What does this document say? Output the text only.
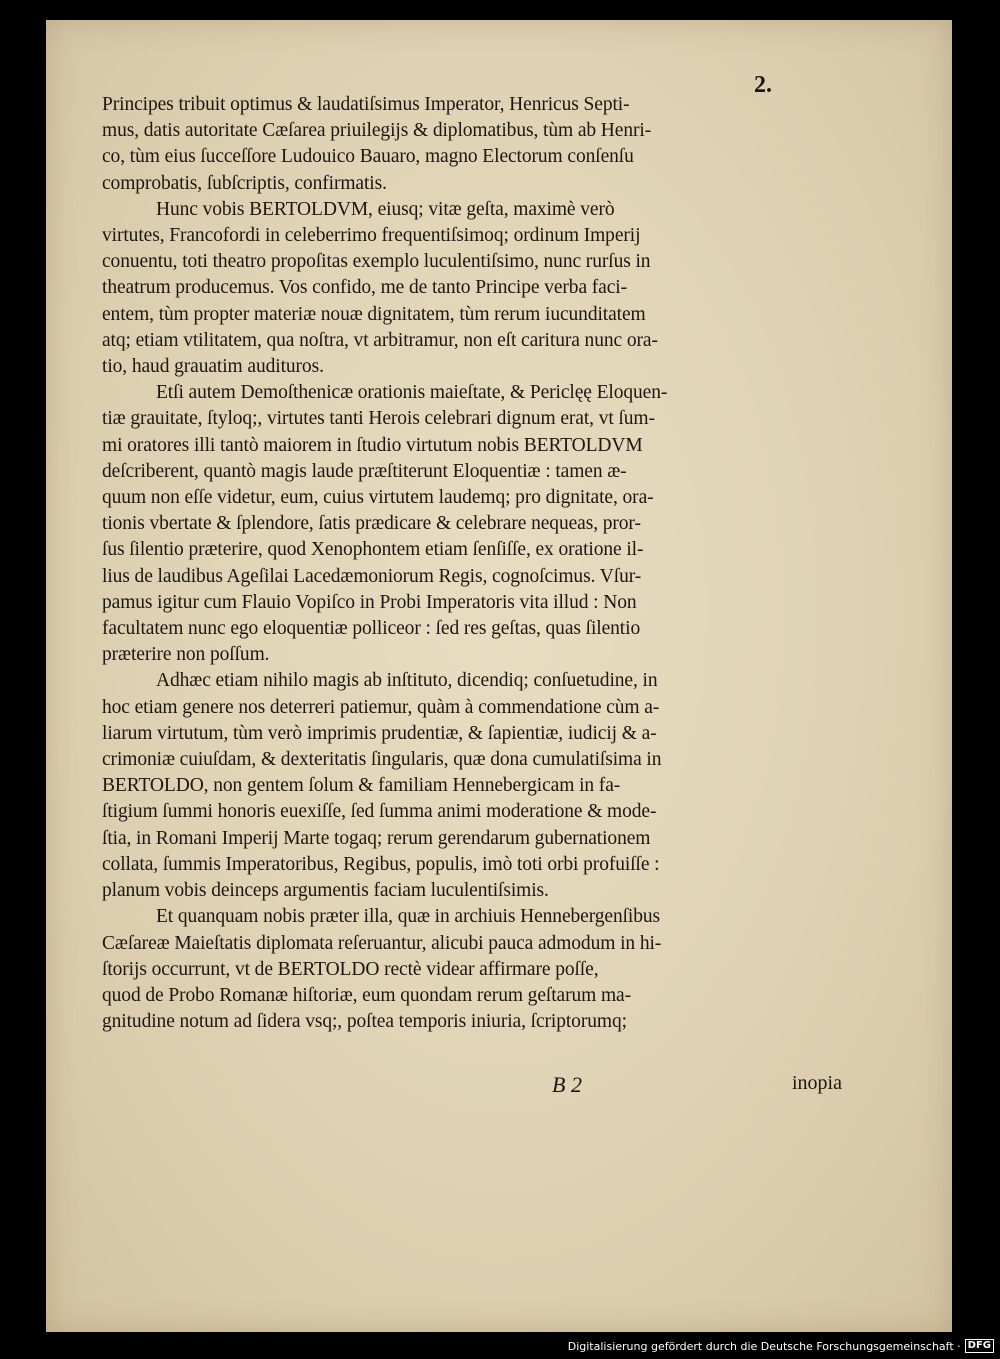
2.
Principes tribuit optimus & laudatiſsimus Imperator, Henricus Septi-
mus, datis autoritate Cæſarea priuilegijs & diplomatibus, tùm ab Henri-
co, tùm eius ſucceſſore Ludouico Bauaro, magno Electorum conſenſu
comprobatis, ſubſcriptis, confirmatis.
Hunc vobis BERTOLDVM, eiusq; vitæ geſta, maximè verò
virtutes, Francofordi in celeberrimo frequentiſsimoq; ordinum Imperij
conuentu, toti theatro propoſitas exemplo luculentiſsimo, nunc rurſus in
theatrum producemus. Vos confido, me de tanto Principe verba faci-
entem, tùm propter materiæ nouæ dignitatem, tùm rerum iucunditatem
atq; etiam vtilitatem, qua noſtra, vt arbitramur, non eſt caritura nunc ora-
tio, haud grauatim audituros.
Etſi autem Demoſthenicæ orationis maieſtate, & Periclęę Eloquen-
tiæ grauitate, ſtyloq;, virtutes tanti Herois celebrari dignum erat, vt ſum-
mi oratores illi tantò maiorem in ſtudio virtutum nobis BERTOLDVM
deſcriberent, quantò magis laude præſtiterunt Eloquentiæ : tamen æ-
quum non eſſe videtur, eum, cuius virtutem laudemq; pro dignitate, ora-
tionis vbertate & ſplendore, ſatis prædicare & celebrare nequeas, pror-
ſus ſilentio præterire, quod Xenophontem etiam ſenſiſſe, ex oratione il-
lius de laudibus Ageſilai Lacedæmoniorum Regis, cognoſcimus. Vſur-
pamus igitur cum Flauio Vopiſco in Probi Imperatoris vita illud : Non
facultatem nunc ego eloquentiæ polliceor : ſed res geſtas, quas ſilentio
præterire non poſſum.
Adhæc etiam nihilo magis ab inſtituto, dicendiq; conſuetudine, in
hoc etiam genere nos deterreri patiemur, quàm à commendatione cùm a-
liarum virtutum, tùm verò imprimis prudentiæ, & ſapientiæ, iudicij & a-
crimoniæ cuiuſdam, & dexteritatis ſingularis, quæ dona cumulatiſsima in
BERTOLDO, non gentem ſolum & familiam Hennebergicam in fa-
ſtigium ſummi honoris euexiſſe, ſed ſumma animi moderatione & mode-
ſtia, in Romani Imperij Marte togaq; rerum gerendarum gubernationem
collata, ſummis Imperatoribus, Regibus, populis, imò toti orbi profuiſſe :
planum vobis deinceps argumentis faciam luculentiſsimis.
Et quanquam nobis præter illa, quæ in archiuis Hennebergenſibus
Cæſareæ Maieſtatis diplomata reſeruantur, alicubi pauca admodum in hi-
ſtorijs occurrunt, vt de BERTOLDO rectè videar affirmare poſſe,
quod de Probo Romanæ hiſtoriæ, eum quondam rerum geſtarum ma-
gnitudine notum ad ſidera vsq;, poſtea temporis iniuria, ſcriptorumq;
B 2	inopia
Digitalisierung gefördert durch die Deutsche Forschungsgemeinschaft · DFG
